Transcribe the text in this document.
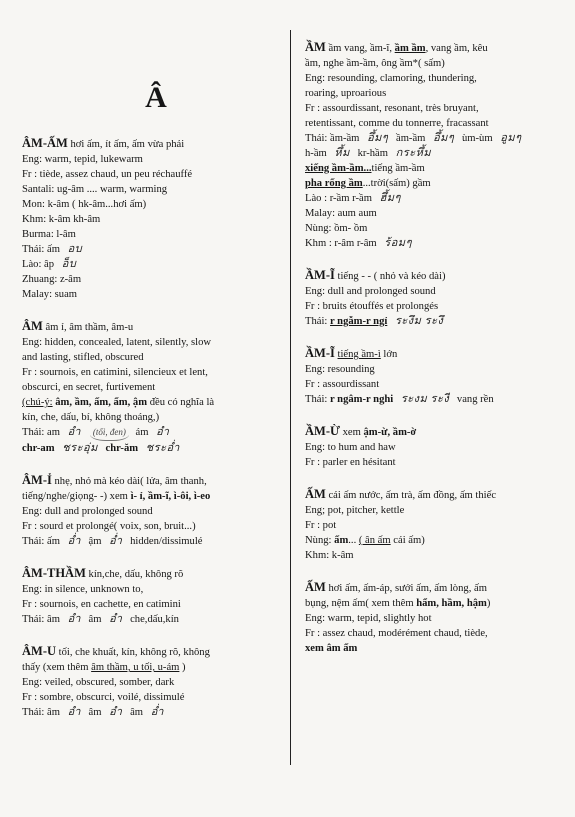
Â
ÂM-ẤM hơi ấm, ít ấm, ấm vừa phải
Eng: warm, tepid, lukewarm
Fr : tiède, assez chaud, un peu réchauffé
Santali: ug-âm .... warm, warming
Mon: k-âm ( hk-âm...hơi ấm)
Khm: k-âm kh-âm
Burma: l-âm
Thái: ấm อบ
Lào: âp อ็บ
Zhuang: z-âm
Malay: suam
ÂM âm ỉ, âm thầm, âm-u
Eng: hidden, concealed, latent, silently, slow
and lasting, stifled, obscured
Fr : sournois, en catimini, silencieux et lent,
obscurci, en secret, furtivement
(chú-ý: âm, ầm, ấm, ẩm, ậm đều có nghĩa là
kín, che, dấu, bí, không thoáng,)
Thái: am อำ (tối, đen) ám อำ
chr-am ชระอุ่ม chr-ăm ชระอ่ำ
ÂM-Ỉ nhẹ, nhỏ mà kéo dài( lửa, âm thanh,
tiếng/nghe/giọng- -) xem ì- ỉ, ầm-ĩ, ì-ôi, ì-eo
Eng: dull and prolonged sound
Fr : sourd et prolongé( voix, son, bruit...)
Thái: ấm อ่ำ ậm อ่ำ hidden/dissimulé
ÂM-THẦM kín,che, dấu, không rõ
Eng: in silence, unknown to,
Fr : sournois, en cachette, en catimini
Thái: âm อำ âm อำ che,dấu,kín
ÂM-U tối, che khuất, kín, không rõ, không
thấy (xem thêm âm thầm, u tối, u-ám )
Eng: veiled, obscured, somber, dark
Fr : sombre, obscurci, voilé, dissimulé
Thái: âm อำ âm อำ âm อ่ำ
ẦM ầm vang, ầm-ĩ, ầm ầm, vang ầm, kêu
ầm, nghe ầm-ầm, ông ầm*( sấm)
Eng: resounding, clamoring, thundering,
roaring, uproarious
Fr : assourdissant, resonant, très bruyant,
retentissant, comme du tonnerre, fracassant
Thái: ầm-ầm อึ้มๆ ầm-ầm อึ้มๆ ùm-ùm อูมๆ
h-ầm หึ้ม kr-hầm กระหึ้ม
xiếng ầm-ầm...tiếng ầm-ầm
pha rống ầm...trời(sấm) gầm
Lào : r-ầm r-ầm ฮึ้มๆ
Malay: aum aum
Nùng: ồm- ồm
Khm : r-âm r-âm ร้อมๆ
ẦM-Ĩ tiếng - - ( nhỏ và kéo dài)
Eng: dull and prolonged sound
Fr : bruits étouffés et prolongés
Thái: r ngẫm-r ngỉ ระงึม ระงึ
ẦM-Ĩ tiếng ầm-ì lớn
Eng: resounding
Fr : assourdissant
Thái: r ngâm-r nghi ระงม ระงี vang rền
ẦM-Ừ xem ậm-ừ, ầm-ờ
Eng: to hum and haw
Fr : parler en hésitant
ẤM cái ấm nước, ấm trà, ấm đồng, ấm thiếc
Eng; pot, pitcher, kettle
Fr : pot
Nùng: ấm... ( ân ấm cái ấm)
Khm: k-âm
ẤM hơi ấm, ấm-áp, sưởi ấm, ấm lòng, ấm
bụng, nệm ấm( xem thêm hẩm, hầm, hậm)
Eng: warm, tepid, slightly hot
Fr : assez chaud, modérément chaud, tiède,
xem âm ấm
